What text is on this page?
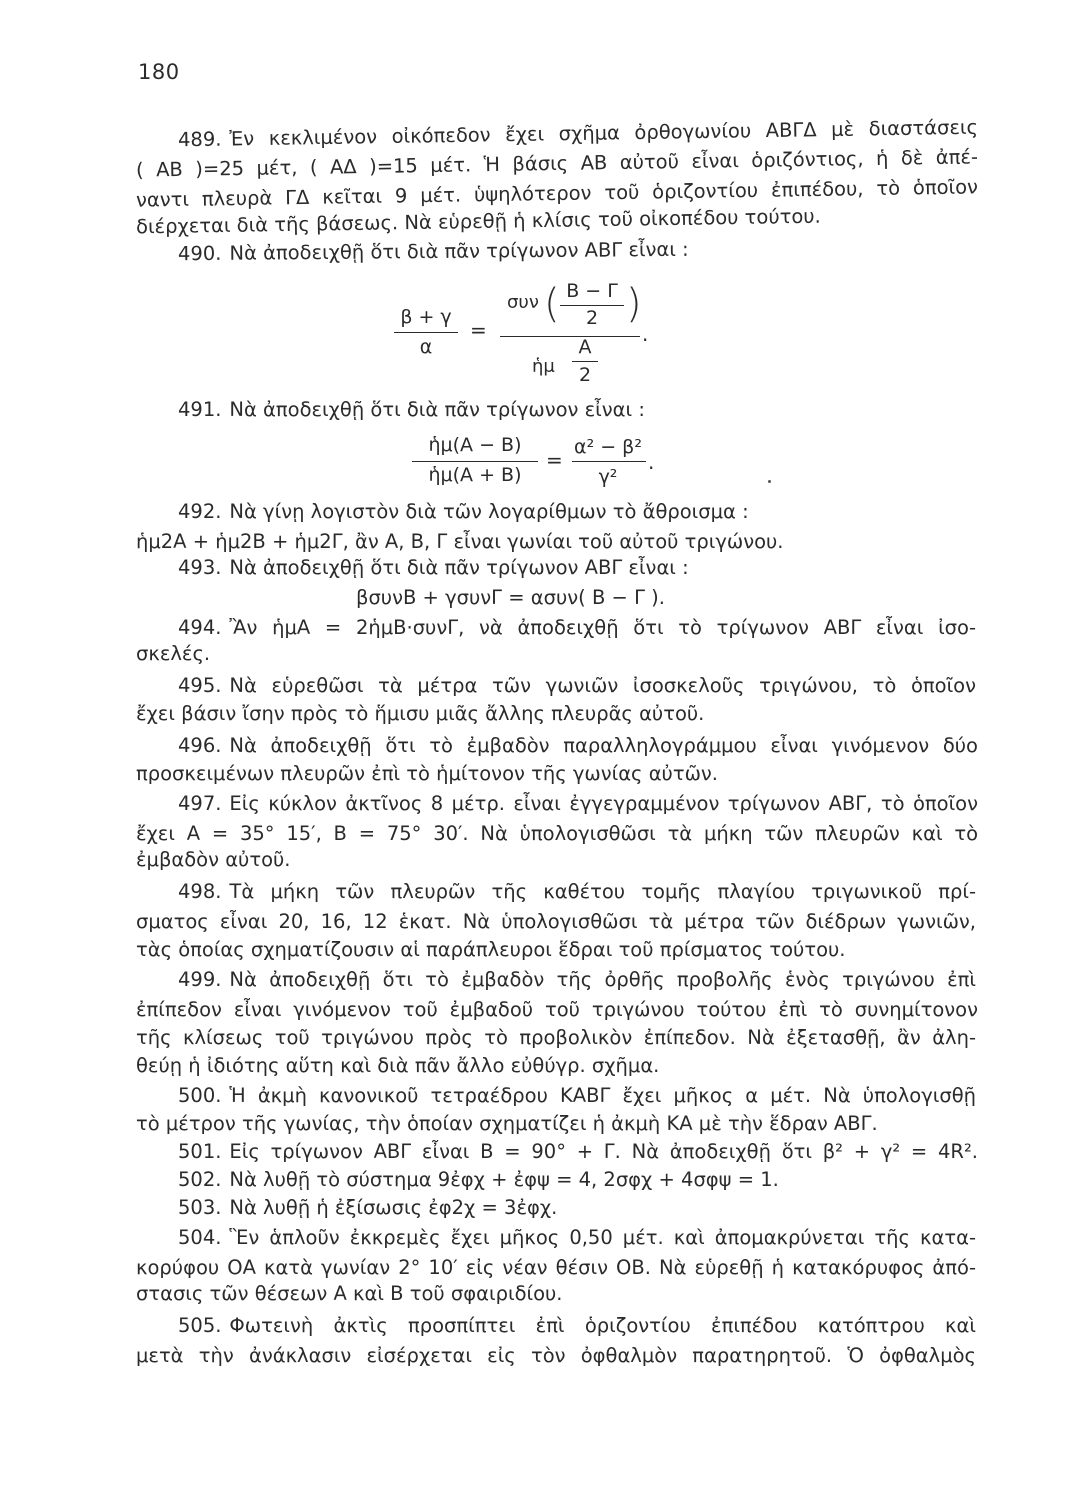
180
489. Ἐν κεκλιμένον οἰκόπεδον ἔχει σχῆμα ὀρθογωνίου ΑΒΓΔ μὲ διαστάσεις
( ΑΒ )=25 μέτ, ( ΑΔ )=15 μέτ. Ἡ βάσις ΑΒ αὐτοῦ εἶναι ὁριζόντιος, ἡ δὲ ἀπέ-
ναντι πλευρὰ ΓΔ κεῖται 9 μέτ. ὑψηλότερον τοῦ ὁριζοντίου ἐπιπέδου, τὸ ὁποῖον
διέρχεται διὰ τῆς βάσεως. Νὰ εὑρεθῇ ἡ κλίσις τοῦ οἰκοπέδου τούτου.
490. Νὰ ἀποδειχθῇ ὅτι διὰ πᾶν τρίγωνον ΑΒΓ εἶναι :
β + γ
α
=
συν ( Β − Γ
2 )
ἡμ
Α
2
.
491. Νὰ ἀποδειχθῇ ὅτι διὰ πᾶν τρίγωνον εἶναι :
ἡμ(Α − Β)
ἡμ(Α + Β)
=
α² − β²
γ²
.
492. Νὰ γίνῃ λογιστὸν διὰ τῶν λογαρίθμων τὸ ἄθροισμα :
ἡμ2Α + ἡμ2Β + ἡμ2Γ, ἂν Α, Β, Γ εἶναι γωνίαι τοῦ αὐτοῦ τριγώνου.
493. Νὰ ἀποδειχθῇ ὅτι διὰ πᾶν τρίγωνον ΑΒΓ εἶναι :
βσυνΒ + γσυνΓ = ασυν( Β − Γ ).
494. Ἂν ἡμΑ = 2ἡμΒ·συνΓ, νὰ ἀποδειχθῇ ὅτι τὸ τρίγωνον ΑΒΓ εἶναι ἰσο-
σκελές.
495. Νὰ εὑρεθῶσι τὰ μέτρα τῶν γωνιῶν ἰσοσκελοῦς τριγώνου, τὸ ὁποῖον
ἔχει βάσιν ἴσην πρὸς τὸ ἥμισυ μιᾶς ἄλλης πλευρᾶς αὐτοῦ.
496. Νὰ ἀποδειχθῇ ὅτι τὸ ἐμβαδὸν παραλληλογράμμου εἶναι γινόμενον δύο
προσκειμένων πλευρῶν ἐπὶ τὸ ἡμίτονον τῆς γωνίας αὐτῶν.
497. Εἰς κύκλον ἀκτῖνος 8 μέτρ. εἶναι ἐγγεγραμμένον τρίγωνον ΑΒΓ, τὸ ὁποῖον
ἔχει Α = 35° 15′, Β = 75° 30′. Νὰ ὑπολογισθῶσι τὰ μήκη τῶν πλευρῶν καὶ τὸ
ἐμβαδὸν αὐτοῦ.
498. Τὰ μήκη τῶν πλευρῶν τῆς καθέτου τομῆς πλαγίου τριγωνικοῦ πρί-
σματος εἶναι 20, 16, 12 ἑκατ. Νὰ ὑπολογισθῶσι τὰ μέτρα τῶν διέδρων γωνιῶν,
τὰς ὁποίας σχηματίζουσιν αἱ παράπλευροι ἕδραι τοῦ πρίσματος τούτου.
499. Νὰ ἀποδειχθῇ ὅτι τὸ ἐμβαδὸν τῆς ὀρθῆς προβολῆς ἑνὸς τριγώνου ἐπὶ
ἐπίπεδον εἶναι γινόμενον τοῦ ἐμβαδοῦ τοῦ τριγώνου τούτου ἐπὶ τὸ συνημίτονον
τῆς κλίσεως τοῦ τριγώνου πρὸς τὸ προβολικὸν ἐπίπεδον. Νὰ ἐξετασθῇ, ἂν ἀλη-
θεύῃ ἡ ἰδιότης αὕτη καὶ διὰ πᾶν ἄλλο εὐθύγρ. σχῆμα.
500. Ἡ ἀκμὴ κανονικοῦ τετραέδρου ΚΑΒΓ ἔχει μῆκος α μέτ. Νὰ ὑπολογισθῇ
τὸ μέτρον τῆς γωνίας, τὴν ὁποίαν σχηματίζει ἡ ἀκμὴ ΚΑ μὲ τὴν ἕδραν ΑΒΓ.
501. Εἰς τρίγωνον ΑΒΓ εἶναι Β = 90° + Γ. Νὰ ἀποδειχθῇ ὅτι β² + γ² = 4R².
502. Νὰ λυθῇ τὸ σύστημα 9ἐφχ + ἐφψ = 4, 2σφχ + 4σφψ = 1.
503. Νὰ λυθῇ ἡ ἐξίσωσις ἐφ2χ = 3ἐφχ.
504. Ἓν ἁπλοῦν ἐκκρεμὲς ἔχει μῆκος 0,50 μέτ. καὶ ἀπομακρύνεται τῆς κατα-
κορύφου ΟΑ κατὰ γωνίαν 2° 10′ εἰς νέαν θέσιν ΟΒ. Νὰ εὑρεθῇ ἡ κατακόρυφος ἀπό-
στασις τῶν θέσεων Α καὶ Β τοῦ σφαιριδίου.
505. Φωτεινὴ ἀκτὶς προσπίπτει ἐπὶ ὁριζοντίου ἐπιπέδου κατόπτρου καὶ
μετὰ τὴν ἀνάκλασιν εἰσέρχεται εἰς τὸν ὀφθαλμὸν παρατηρητοῦ. Ὁ ὀφθαλμὸς
